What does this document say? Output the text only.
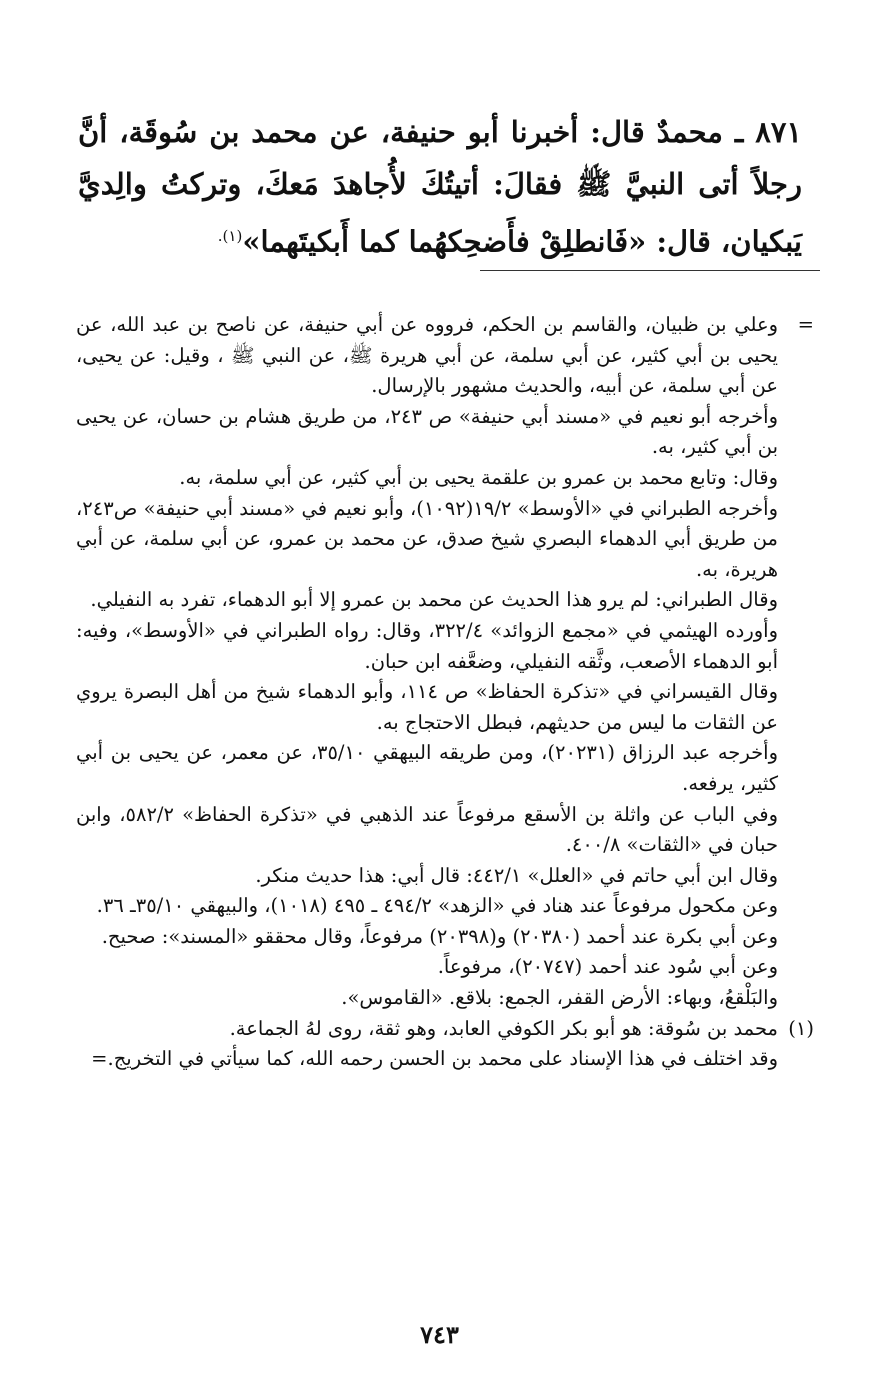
٨٧١ ـ محمدٌ قال: أخبرنا أبو حنيفة، عن محمد بن سُوقَة، أنَّ رجلاً أتى النبيَّ ﷺ فقالَ: أتيتُكَ لأُجاهدَ مَعكَ، وتركتُ والِديَّ يَبكيان، قال: «فَانطلِقْ فأَضحِكهُما كما أَبكيتَهما»$^{(١).}$
= وعلي بن ظبيان، والقاسم بن الحكم، فرووه عن أبي حنيفة، عن ناصح بن عبد الله، عن يحيى بن أبي كثير، عن أبي سلمة، عن أبي هريرة ﷺ، عن النبي ﷺ ، وقيل: عن يحيى، عن أبي سلمة، عن أبيه، والحديث مشهور بالإرسال.
وأخرجه أبو نعيم في «مسند أبي حنيفة» ص ٢٤٣، من طريق هشام بن حسان، عن يحيى بن أبي كثير، به.
وقال: وتابع محمد بن عمرو بن علقمة يحيى بن أبي كثير، عن أبي سلمة، به.
وأخرجه الطبراني في «الأوسط» ١٩/٢(١٠٩٢)، وأبو نعيم في «مسند أبي حنيفة» ص٢٤٣، من طريق أبي الدهماء البصري شيخ صدق، عن محمد بن عمرو، عن أبي سلمة، عن أبي هريرة، به.
وقال الطبراني: لم يرو هذا الحديث عن محمد بن عمرو إلا أبو الدهماء، تفرد به النفيلي.
وأورده الهيثمي في «مجمع الزوائد» ٣٢٢/٤، وقال: رواه الطبراني في «الأوسط»، وفيه: أبو الدهماء الأصعب، وثَّقه النفيلي، وضعَّفه ابن حبان.
وقال القيسراني في «تذكرة الحفاظ» ص ١١٤، وأبو الدهماء شيخ من أهل البصرة يروي عن الثقات ما ليس من حديثهم، فبطل الاحتجاج به.
وأخرجه عبد الرزاق (٢٠٢٣١)، ومن طريقه البيهقي ٣٥/١٠، عن معمر، عن يحيى بن أبي كثير، يرفعه.
وفي الباب عن واثلة بن الأسقع مرفوعاً عند الذهبي في «تذكرة الحفاظ» ٥٨٢/٢، وابن حبان في «الثقات» ٤٠٠/٨.
وقال ابن أبي حاتم في «العلل» ٤٤٢/١: قال أبي: هذا حديث منكر.
وعن مكحول مرفوعاً عند هناد في «الزهد» ٤٩٤/٢ ـ ٤٩٥ (١٠١٨)، والبيهقي ٣٥/١٠ـ ٣٦.
وعن أبي بكرة عند أحمد (٢٠٣٨٠) و(٢٠٣٩٨) مرفوعاً، وقال محققو «المسند»: صحيح.
وعن أبي سُود عند أحمد (٢٠٧٤٧)، مرفوعاً.
والبَلْقعُ، وبهاء: الأرض القفر، الجمع: بلاقع. «القاموس».
(١)
محمد بن سُوقة: هو أبو بكر الكوفي العابد، وهو ثقة، روى لهُ الجماعة.
وقد اختلف في هذا الإسناد على محمد بن الحسن رحمه الله، كما سيأتي في التخريج.=
٧٤٣
